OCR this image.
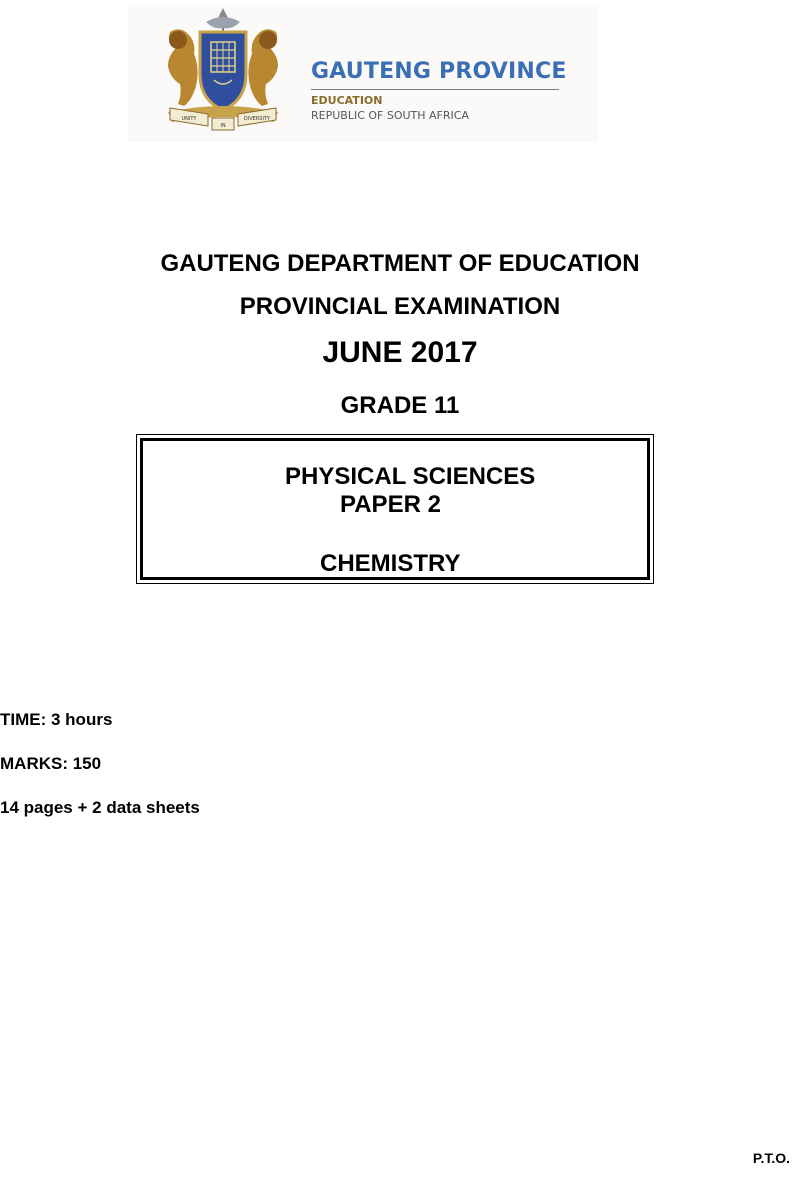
UNITY
IN
DIVERSITY
GAUTENG PROVINCE
EDUCATION
REPUBLIC OF SOUTH AFRICA
GAUTENG DEPARTMENT OF EDUCATION
PROVINCIAL EXAMINATION
JUNE 2017
GRADE 11
PHYSICAL SCIENCES
PAPER 2
CHEMISTRY
TIME: 3 hours
MARKS: 150
14 pages + 2 data sheets
P.T.O.
